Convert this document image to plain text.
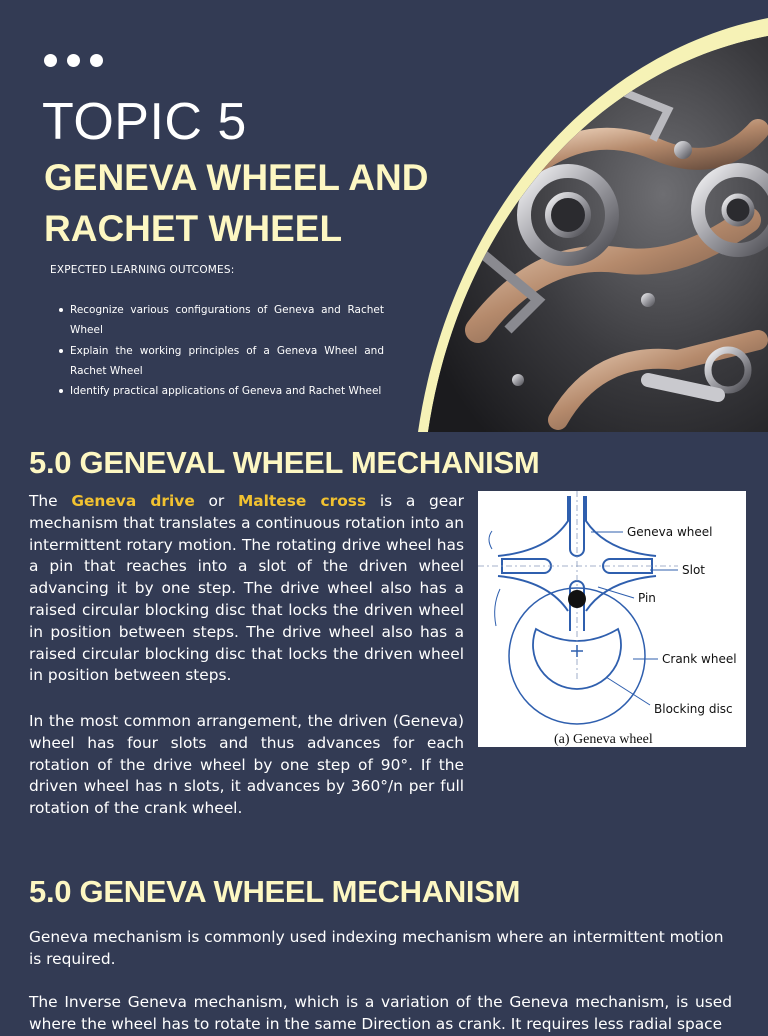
TOPIC 5
GENEVA WHEEL AND RACHET WHEEL

EXPECTED LEARNING OUTCOMES:

Recognize various configurations of Geneva and Rachet Wheel
Explain the working principles of a Geneva Wheel and Rachet Wheel
Identify practical applications of Geneva and Rachet Wheel
5.0 GENEVAL WHEEL MECHANISM

The Geneva drive or Maltese cross is a gear mechanism that translates a continuous rotation into an intermittent rotary motion. The rotating drive wheel has a pin that reaches into a slot of the driven wheel advancing it by one step. The drive wheel also has a raised circular blocking disc that locks the driven wheel in position between steps. The drive wheel also has a raised circular blocking disc that locks the driven wheel in position between steps.

In the most common arrangement, the driven (Geneva) wheel has four slots and thus advances for each rotation of the drive wheel by one step of 90°. If the driven wheel has n slots, it advances by 360°/n per full rotation of the crank wheel.

Geneva wheel
Slot
Pin
Crank wheel
Blocking disc
(a) Geneva wheel
5.0 GENEVA WHEEL MECHANISM

Geneva mechanism is commonly used indexing mechanism where an intermittent motion is required.

The Inverse Geneva mechanism, which is a variation of the Geneva mechanism, is used where the wheel has to rotate in the same Direction as crank. It requires less radial space
